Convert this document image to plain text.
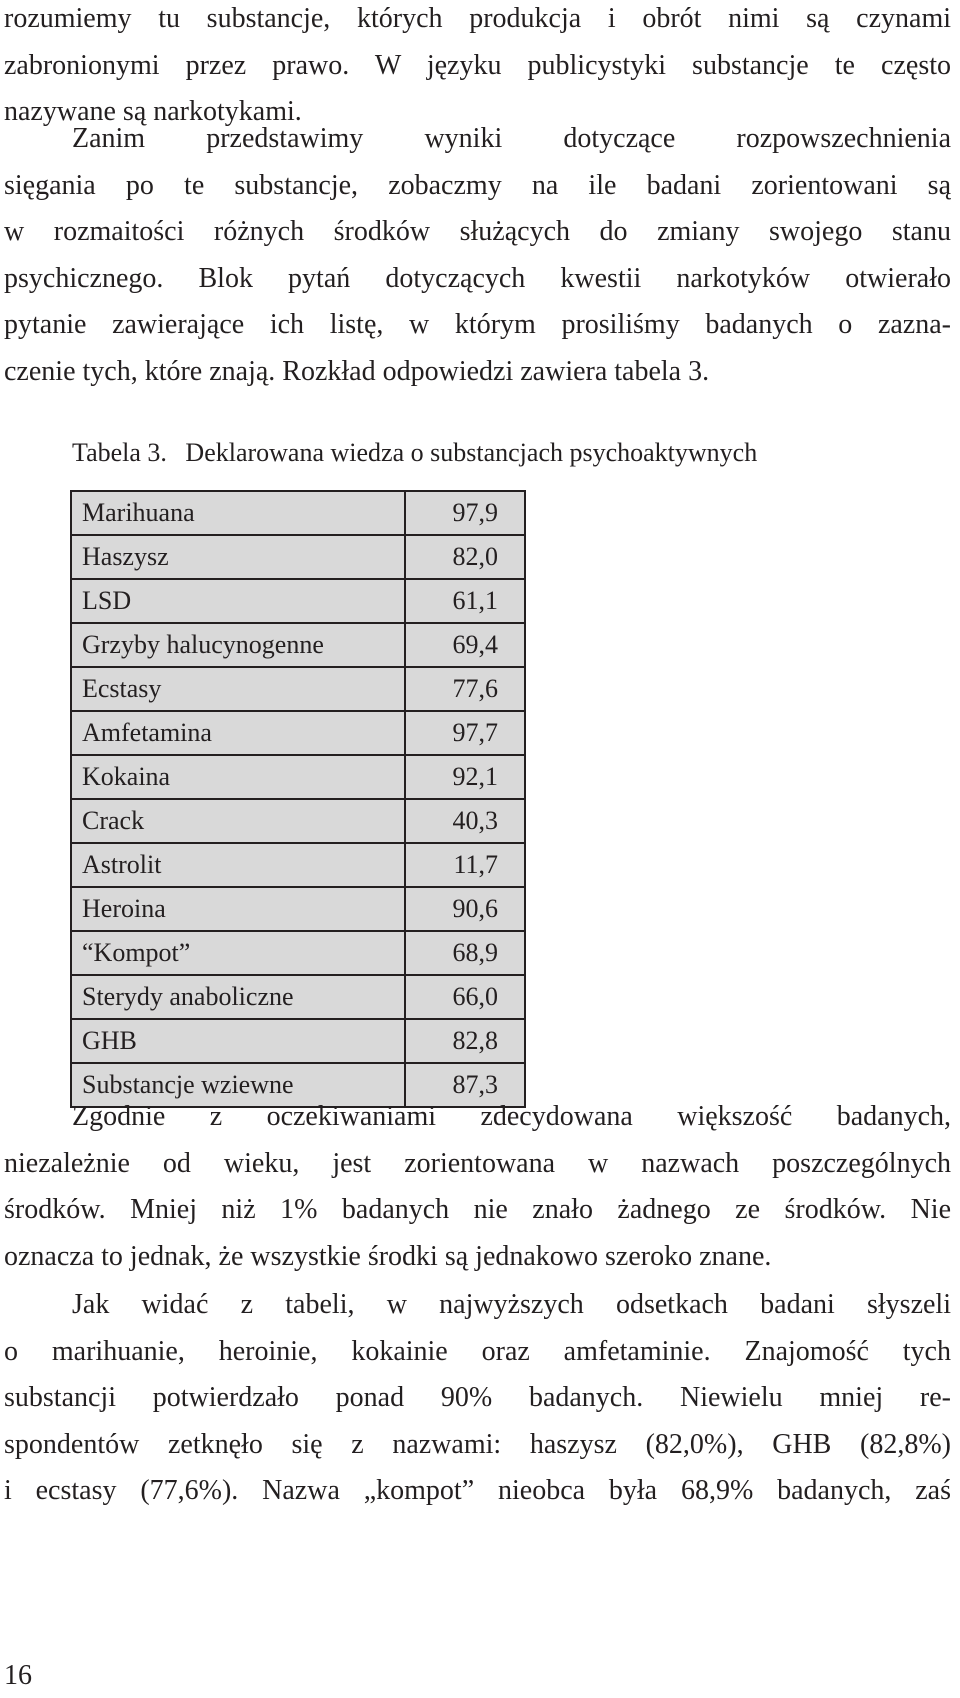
rozumiemy tu substancje, których produkcja i obrót nimi są czynami
zabronionymi przez prawo. W języku publicystyki substancje te często
nazywane są narkotykami.
Zanim przedstawimy wyniki dotyczące rozpowszechnienia
sięgania po te substancje, zobaczmy na ile badani zorientowani są
w rozmaitości różnych środków służących do zmiany swojego stanu
psychicznego. Blok pytań dotyczących kwestii narkotyków otwierało
pytanie zawierające ich listę, w którym prosiliśmy badanych o zazna-
czenie tych, które znają. Rozkład odpowiedzi zawiera tabela 3.
Tabela 3. Deklarowana wiedza o substancjach psychoaktywnych
Marihuana	97,9
Haszysz	82,0
LSD	61,1
Grzyby halucynogenne	69,4
Ecstasy	77,6
Amfetamina	97,7
Kokaina	92,1
Crack	40,3
Astrolit	11,7
Heroina	90,6
“Kompot”	68,9
Sterydy anaboliczne	66,0
GHB	82,8
Substancje wziewne	87,3
Zgodnie z oczekiwaniami zdecydowana większość badanych,
niezależnie od wieku, jest zorientowana w nazwach poszczególnych
środków. Mniej niż 1% badanych nie znało żadnego ze środków. Nie
oznacza to jednak, że wszystkie środki są jednakowo szeroko znane.
Jak widać z tabeli, w najwyższych odsetkach badani słyszeli
o marihuanie, heroinie, kokainie oraz amfetaminie. Znajomość tych
substancji potwierdzało ponad 90% badanych. Niewielu mniej re-
spondentów zetknęło się z nazwami: haszysz (82,0%), GHB (82,8%)
i ecstasy (77,6%). Nazwa „kompot” nieobca była 68,9% badanych, zaś
16
